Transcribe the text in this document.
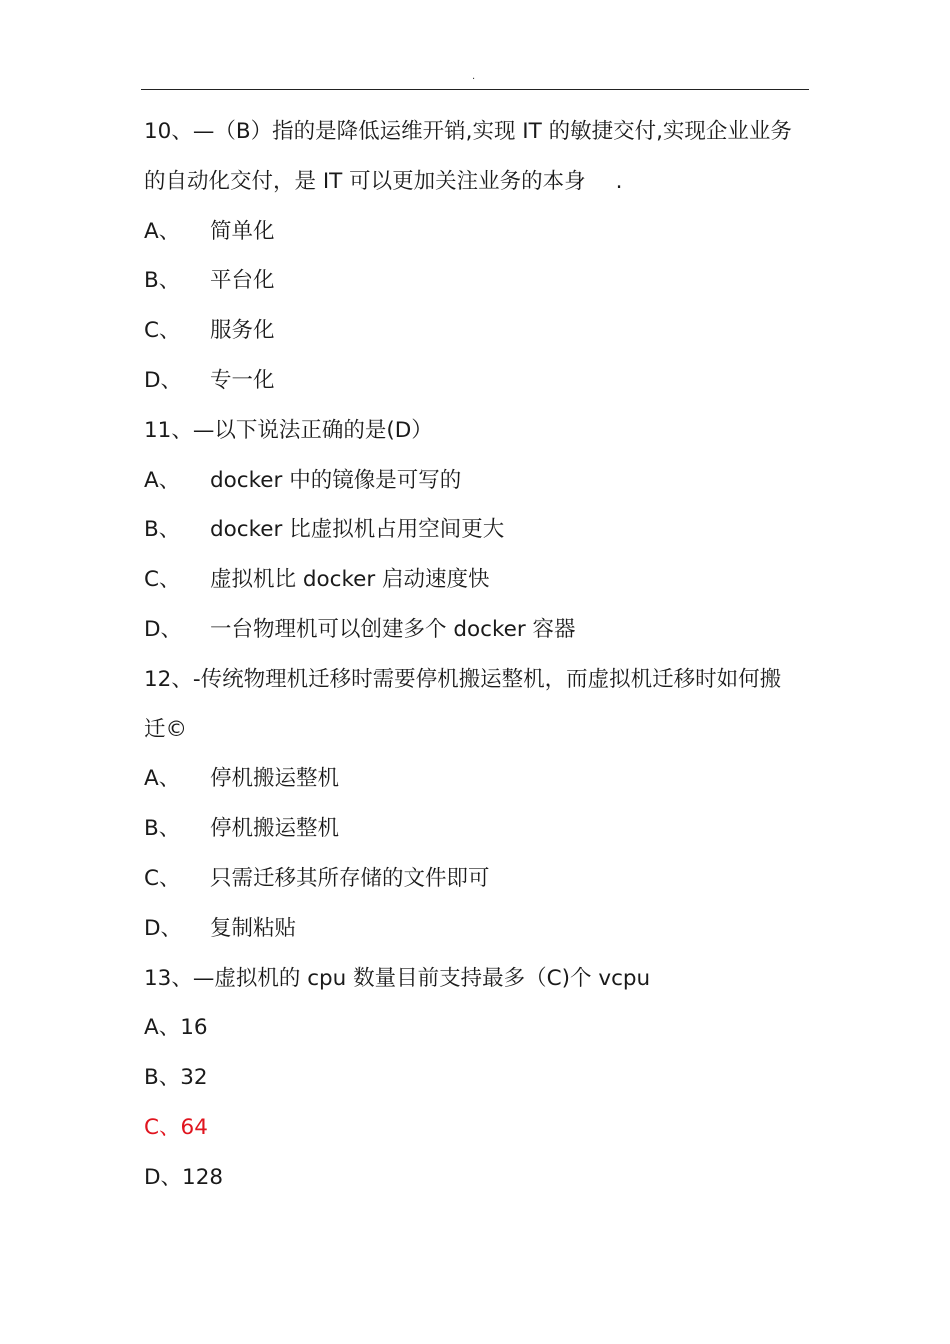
.
10、—（B）指的是降低运维开销,实现 IT 的敏捷交付,实现企业业务
的自动化交付，是 IT 可以更加关注业务的本身 .
A、 简单化
B、 平台化
C、 服务化
D、 专一化
11、—以下说法正确的是(D）
A、 docker 中的镜像是可写的
B、 docker 比虚拟机占用空间更大
C、 虚拟机比 docker 启动速度快
D、 一台物理机可以创建多个 docker 容器
12、-传统物理机迁移时需要停机搬运整机，而虚拟机迁移时如何搬
迁©
A、 停机搬运整机
B、 停机搬运整机
C、 只需迁移其所存储的文件即可
D、 复制粘贴
13、—虚拟机的 cpu 数量目前支持最多（C)个 vcpu
A、16
B、32
C、64
D、128
